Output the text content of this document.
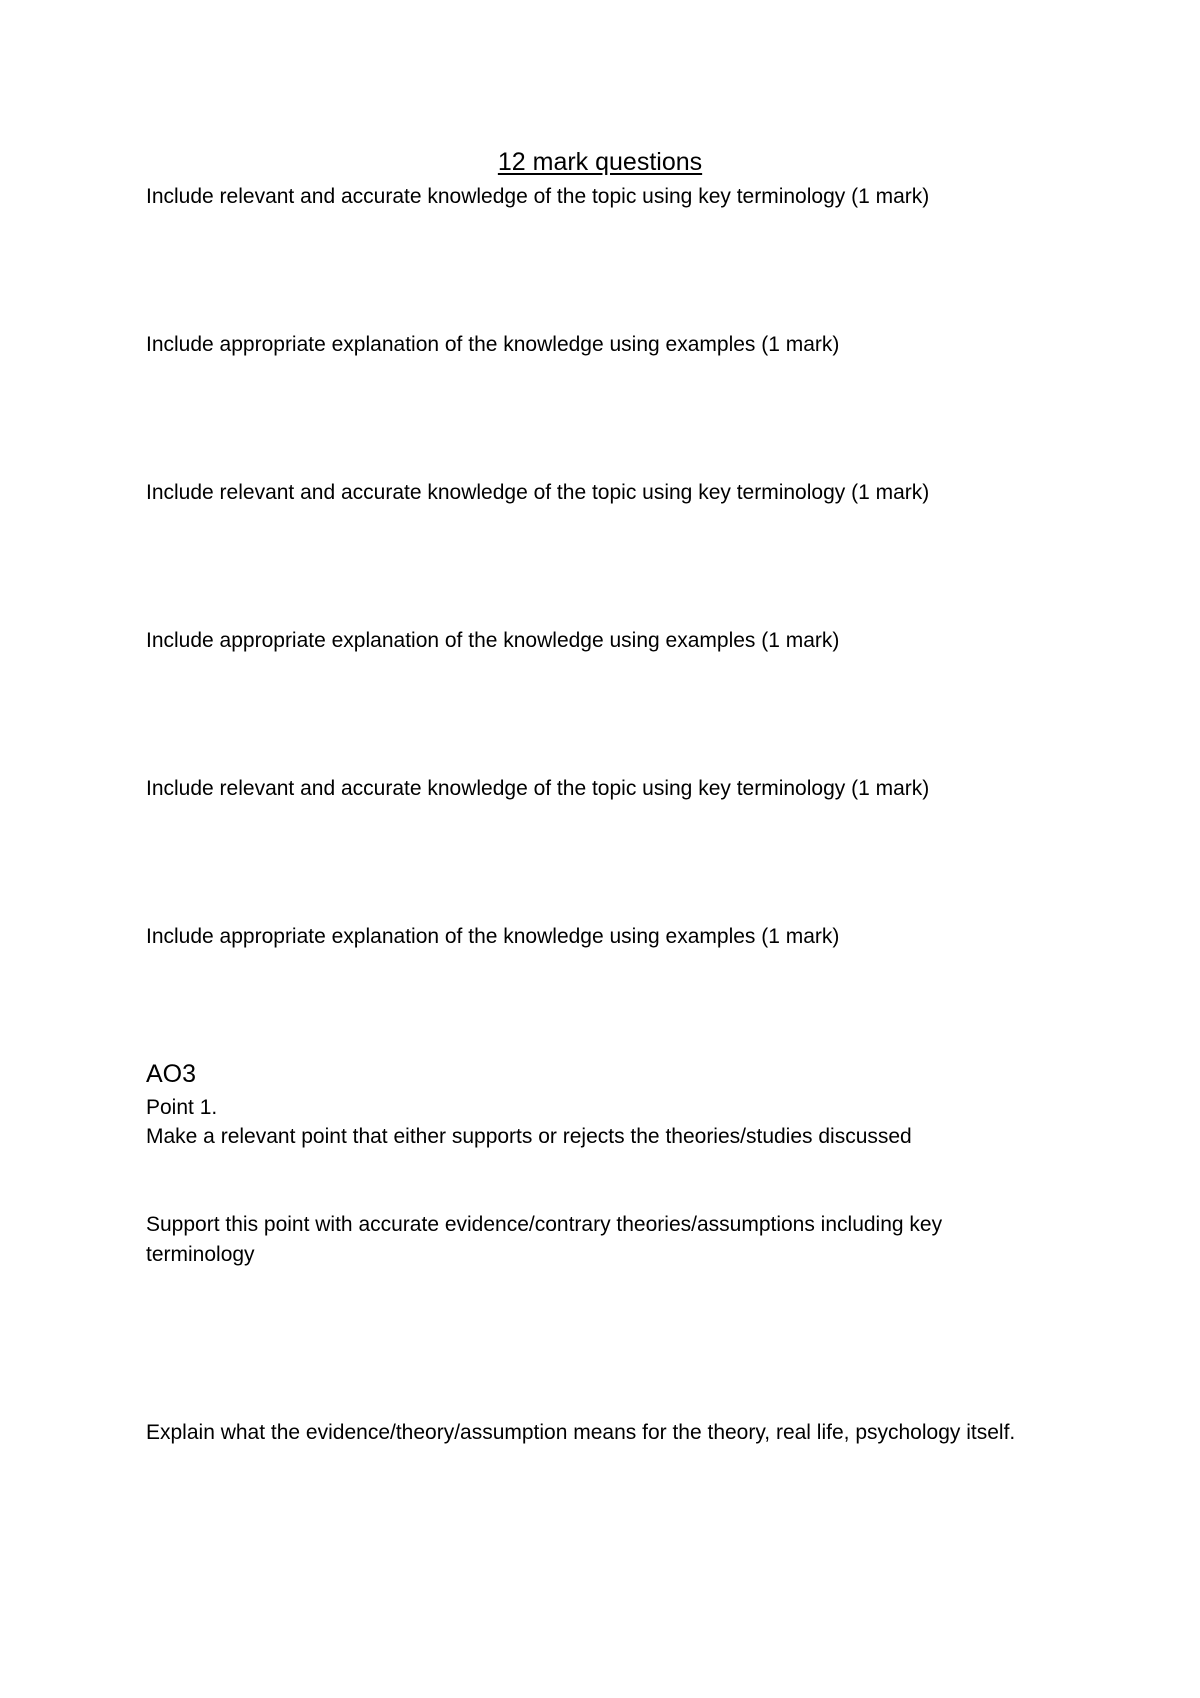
12 mark questions
Include relevant and accurate knowledge of the topic using key terminology (1 mark)
Include appropriate explanation of the knowledge using examples (1 mark)
Include relevant and accurate knowledge of the topic using key terminology (1 mark)
Include appropriate explanation of the knowledge using examples (1 mark)
Include relevant and accurate knowledge of the topic using key terminology (1 mark)
Include appropriate explanation of the knowledge using examples (1 mark)
AO3
Point 1.
Make a relevant point that either supports or rejects the theories/studies discussed
Support this point with accurate evidence/contrary theories/assumptions including key terminology
Explain what the evidence/theory/assumption means for the theory, real life, psychology itself.
